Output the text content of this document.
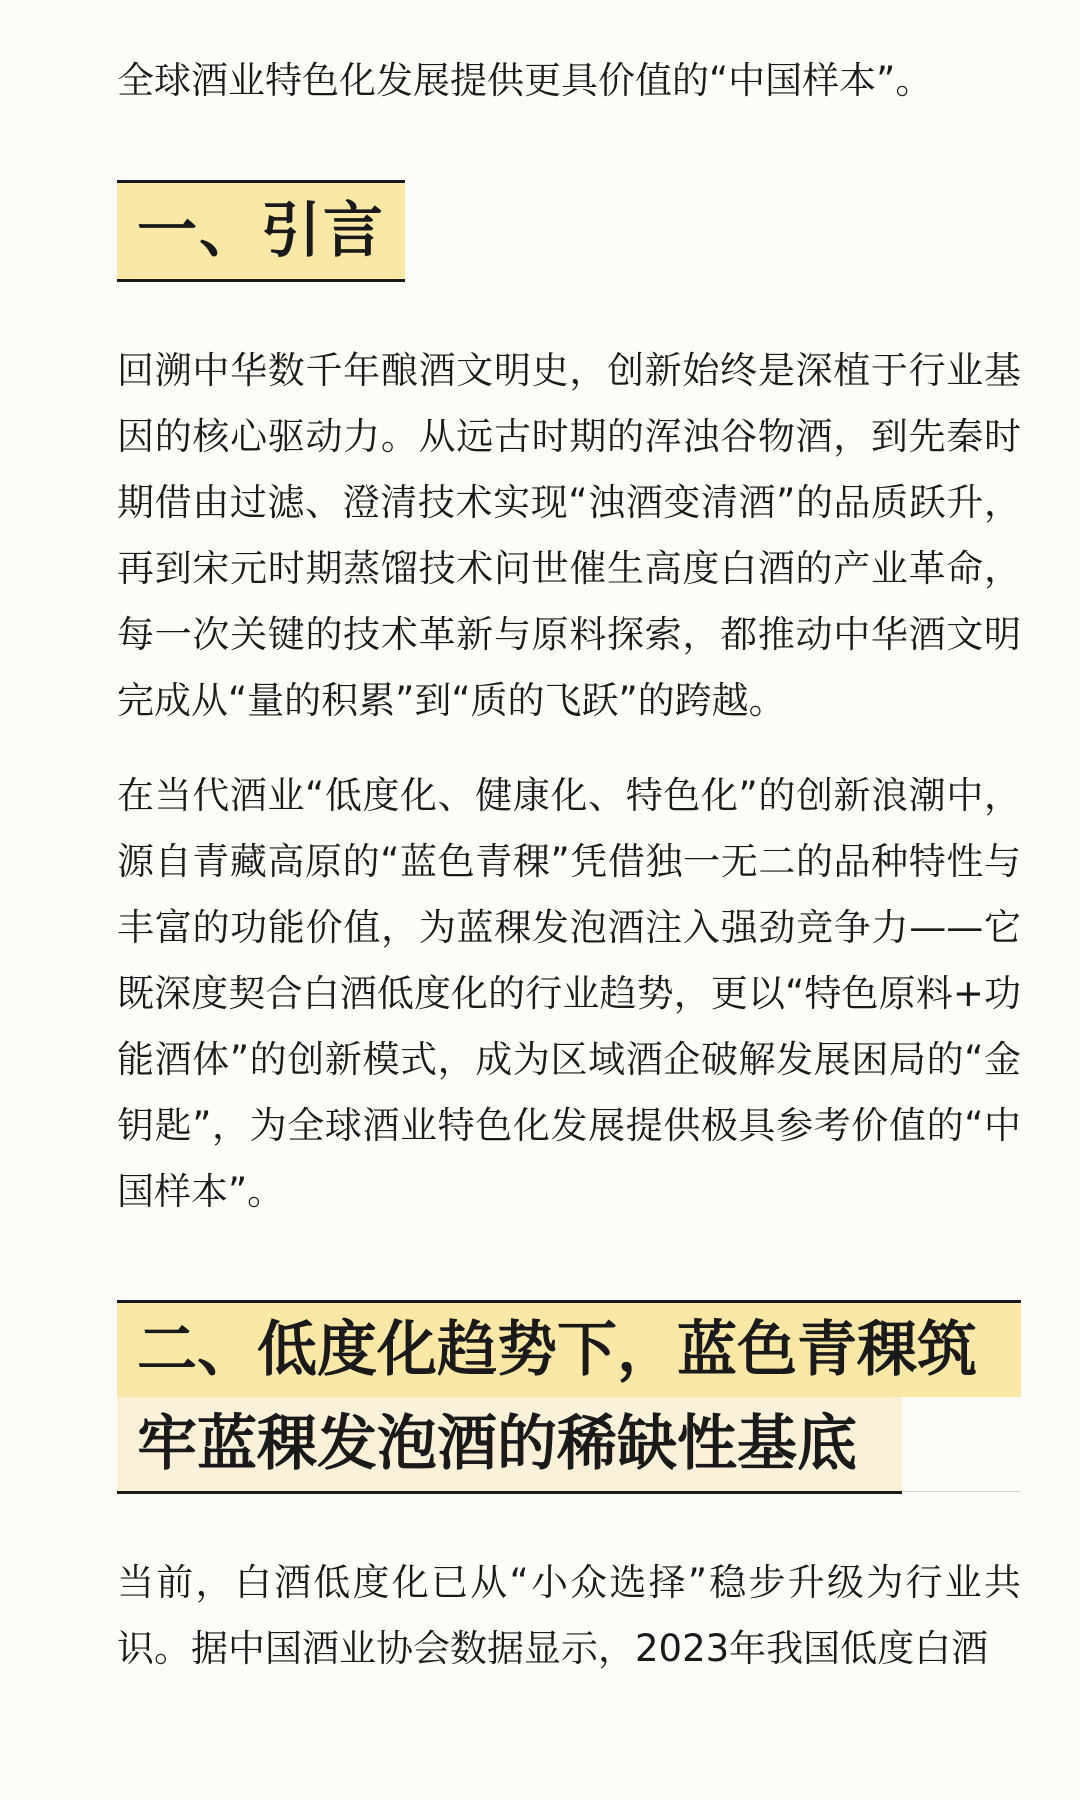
全球酒业特色化发展提供更具价值的“中国样本”。

一、引言

回溯中华数千年酿酒文明史，创新始终是深植于行业基因的核心驱动力。从远古时期的浑浊谷物酒，到先秦时期借由过滤、澄清技术实现“浊酒变清酒”的品质跃升，再到宋元时期蒸馏技术问世催生高度白酒的产业革命，每一次关键的技术革新与原料探索，都推动中华酒文明完成从“量的积累”到“质的飞跃”的跨越。

在当代酒业“低度化、健康化、特色化”的创新浪潮中，源自青藏高原的“蓝色青稞”凭借独一无二的品种特性与丰富的功能价值，为蓝稞发泡酒注入强劲竞争力——它既深度契合白酒低度化的行业趋势，更以“特色原料+功能酒体”的创新模式，成为区域酒企破解发展困局的“金钥匙”，为全球酒业特色化发展提供极具参考价值的“中国样本”。

二、低度化趋势下，蓝色青稞筑
牢蓝稞发泡酒的稀缺性基底

当前，白酒低度化已从“小众选择”稳步升级为行业共识。据中国酒业协会数据显示，2023年我国低度白酒
